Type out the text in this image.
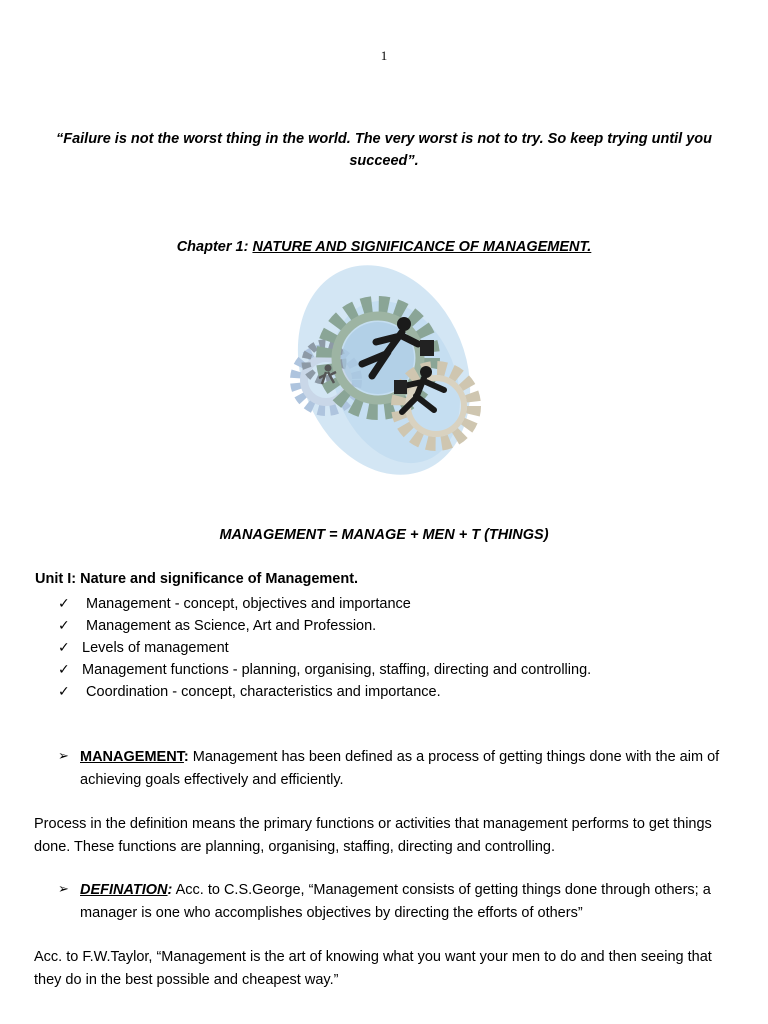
1
“Failure is not the worst thing in the world. The very worst is not to try. So keep trying until you succeed”.
Chapter 1: NATURE AND SIGNIFICANCE OF MANAGEMENT.
MANAGEMENT = MANAGE + MEN + T (THINGS)
Unit I: Nature and significance of Management.
✓ Management - concept, objectives and importance
✓ Management as Science, Art and Profession.
✓ Levels of management
✓ Management functions - planning, organising, staffing, directing and controlling.
✓ Coordination - concept, characteristics and importance.
➢ MANAGEMENT: Management has been defined as a process of getting things done with the aim of achieving goals effectively and efficiently.
Process in the definition means the primary functions or activities that management performs to get things done. These functions are planning, organising, staffing, directing and controlling.
➢ DEFINATION: Acc. to C.S.George, “Management consists of getting things done through others; a manager is one who accomplishes objectives by directing the efforts of others”
Acc. to F.W.Taylor, “Management is the art of knowing what you want your men to do and then seeing that they do in the best possible and cheapest way.”
